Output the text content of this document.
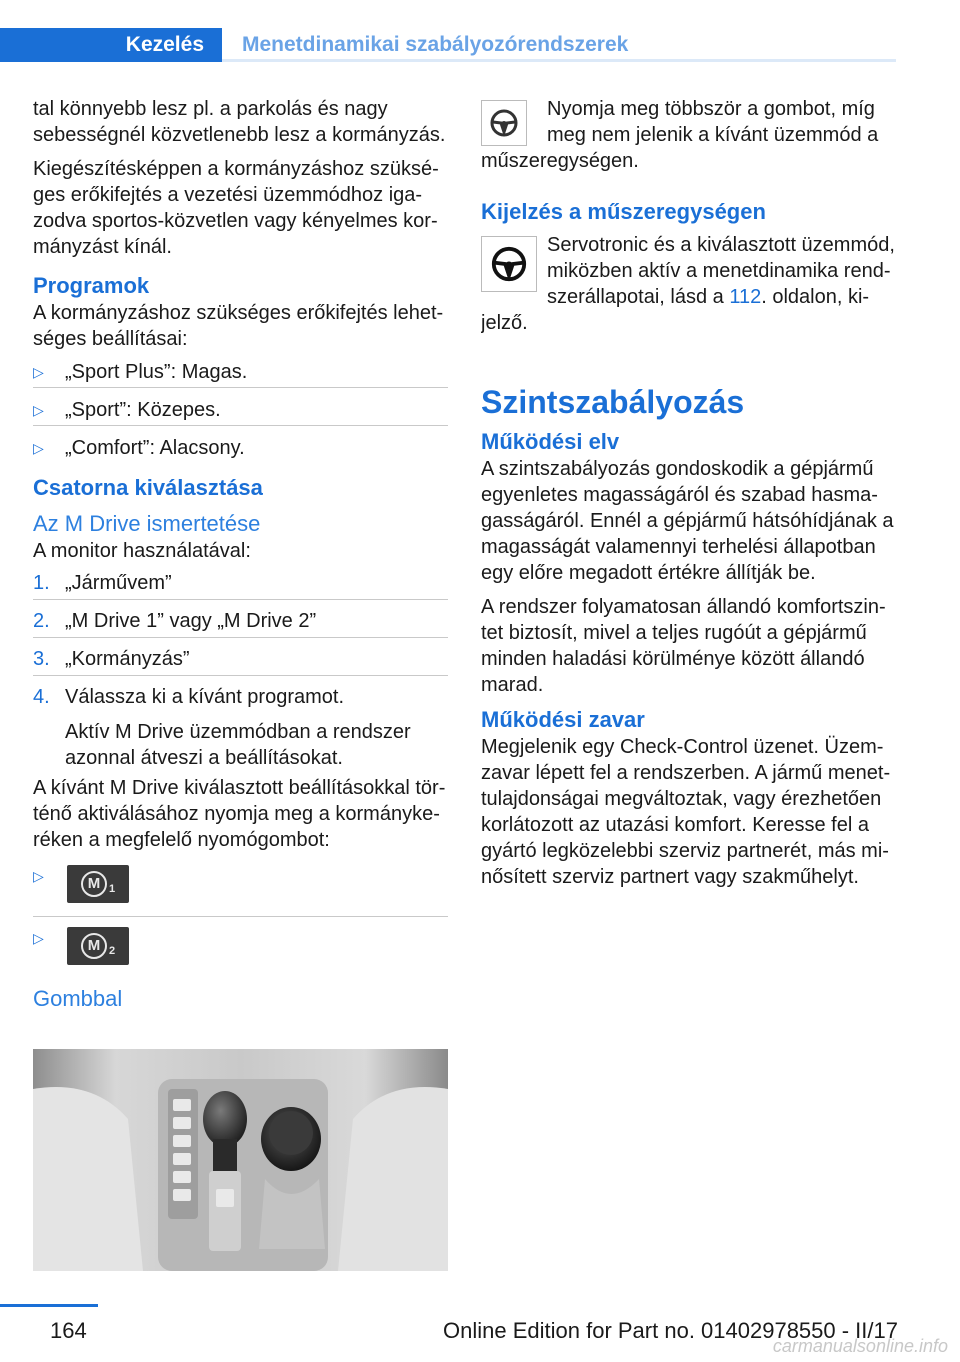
Kezelés	Menetdinamikai szabályozórendszerek

tal könnyebb lesz pl. a parkolás és nagy sebességnél közvetlenebb lesz a kormányzás.

Kiegészítésképpen a kormányzáshoz szükséges erőkifejtés a vezetési üzemmódhoz igazodva sportos-közvetlen vagy kényelmes kormányzást kínál.

Programok

A kormányzáshoz szükséges erőkifejtés lehetséges beállításai:

▷	„Sport Plus”: Magas.
▷	„Sport”: Közepes.
▷	„Comfort”: Alacsony.
Csatorna kiválasztása
Az M Drive ismertetése

A monitor használatával:

1. „Járművem”
2. „M Drive 1” vagy „M Drive 2”
3. „Kormányzás”
4. Válassza ki a kívánt programot.

Aktív M Drive üzemmódban a rendszer azonnal átveszi a beállításokat.

A kívánt M Drive kiválasztott beállításokkal történő aktiválásához nyomja meg a kormánykeréken a megfelelő nyomógombot:

▷	M 1
▷	M 2
Gombbal

Nyomja meg többször a gombot, míg meg nem jelenik a kívánt üzemmód a műszeregységen.

Kijelzés a műszeregységen

Servotronic és a kiválasztott üzemmód, miközben aktív a menetdinamika rendszerállapotai, lásd a 112. oldalon, kijelző.

Szintszabályozás
Működési elv

A szintszabályozás gondoskodik a gépjármű egyenletes magasságáról és szabad hasmagasságáról. Ennél a gépjármű hátsóhídjának a magasságát valamennyi terhelési állapotban egy előre megadott értékre állítják be.

A rendszer folyamatosan állandó komfortszintet biztosít, mivel a teljes rugóút a gépjármű minden haladási körülménye között állandó marad.

Működési zavar

Megjelenik egy Check-Control üzenet. Üzemzavar lépett fel a rendszerben. A jármű menettulajdonságai megváltoztak, vagy érezhetően korlátozott az utazási komfort. Keresse fel a gyártó legközelebbi szerviz partnerét, más minősített szerviz partnert vagy szakműhelyt.

164	Online Edition for Part no. 01402978550 - II/17
carmanualsonline.info
